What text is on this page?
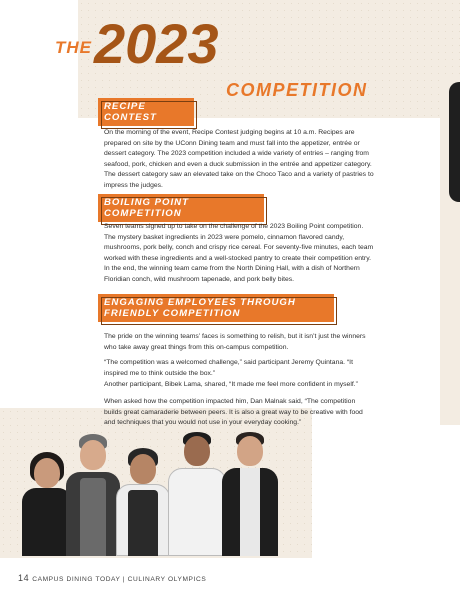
THE 2023
COMPETITION
RECIPE CONTEST

On the morning of the event, Recipe Contest judging begins at 10 a.m. Recipes are prepared on site by the UConn Dining team and must fall into the appetizer, entrée or dessert category. The 2023 competition included a wide variety of entries – ranging from seafood, pork, chicken and even a duck submission in the entrée and appetizer category. The dessert category saw an elevated take on the Choco Taco and a variety of pastries to impress the judges.

BOILING POINT COMPETITION

Seven teams signed up to take on the challenge of the 2023 Boiling Point competition. The mystery basket ingredients in 2023 were pomelo, cinnamon flavored candy, mushrooms, pork belly, conch and crispy rice cereal. For seventy-five minutes, each team worked with these ingredients and a well-stocked pantry to create their competition entry. In the end, the winning team came from the North Dining Hall, with a dish of Northern Floridian conch, wild mushroom tapenade, and pork belly bites.

ENGAGING EMPLOYEES THROUGH FRIENDLY COMPETITION

The pride on the winning teams’ faces is something to relish, but it isn’t just the winners who take away great things from this on-campus competition.

“The competition was a welcomed challenge,” said participant Jeremy Quintana. “It inspired me to think outside the box.”

Another participant, Bibek Lama, shared, “It made me feel more confident in myself.”

When asked how the competition impacted him, Dan Malnak said, “The competition builds great camaraderie between peers. It is also a great way to be creative with food and techniques that you would not use in your everyday cooking.”

14 CAMPUS DINING TODAY | CULINARY OLYMPICS
